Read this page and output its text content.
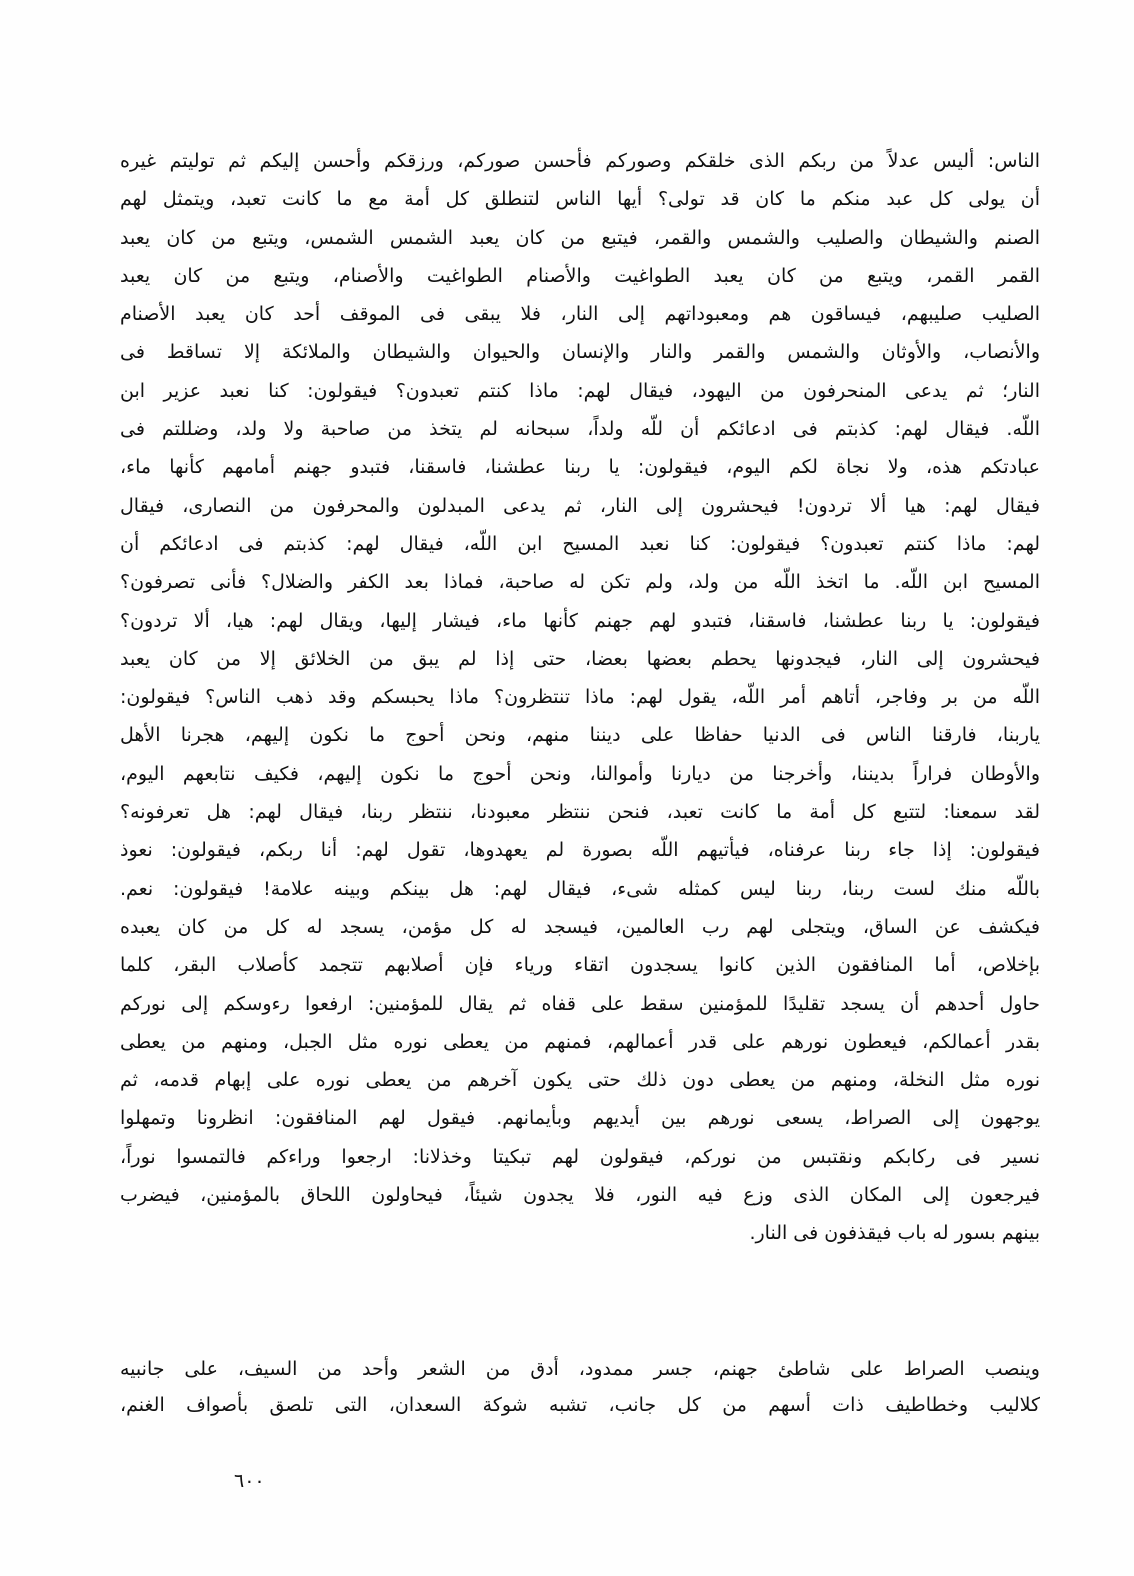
الناس: أليس عدلاً من ربكم الذى خلقكم وصوركم فأحسن صوركم، ورزقكم وأحسن إليكم ثم توليتم غيره
أن يولى كل عبد منكم ما كان قد تولى؟ أيها الناس لتنطلق كل أمة مع ما كانت تعبد، ويتمثل لهم
الصنم والشيطان والصليب والشمس والقمر، فيتبع من كان يعبد الشمس الشمس، ويتبع من كان يعبد
القمر القمر، ويتبع من كان يعبد الطواغيت والأصنام الطواغيت والأصنام، ويتبع من كان يعبد
الصليب صليبهم، فيساقون هم ومعبوداتهم إلى النار، فلا يبقى فى الموقف أحد كان يعبد الأصنام
والأنصاب، والأوثان والشمس والقمر والنار والإنسان والحيوان والشيطان والملائكة إلا تساقط فى
النار؛ ثم يدعى المنحرفون من اليهود، فيقال لهم: ماذا كنتم تعبدون؟ فيقولون: كنا نعبد عزير ابن
اللّه. فيقال لهم: كذبتم فى ادعائكم أن للّه ولداً، سبحانه لم يتخذ من صاحبة ولا ولد، وضللتم فى
عبادتكم هذه، ولا نجاة لكم اليوم، فيقولون: يا ربنا عطشنا، فاسقنا، فتبدو جهنم أمامهم كأنها ماء،
فيقال لهم: هيا ألا تردون! فيحشرون إلى النار، ثم يدعى المبدلون والمحرفون من النصارى، فيقال
لهم: ماذا كنتم تعبدون؟ فيقولون: كنا نعبد المسيح ابن اللّه، فيقال لهم: كذبتم فى ادعائكم أن
المسيح ابن اللّه. ما اتخذ اللّه من ولد، ولم تكن له صاحبة، فماذا بعد الكفر والضلال؟ فأنى تصرفون؟
فيقولون: يا ربنا عطشنا، فاسقنا، فتبدو لهم جهنم كأنها ماء، فيشار إليها، ويقال لهم: هيا، ألا تردون؟
فيحشرون إلى النار، فيجدونها يحطم بعضها بعضا، حتى إذا لم يبق من الخلائق إلا من كان يعبد
اللّه من بر وفاجر، أتاهم أمر اللّه، يقول لهم: ماذا تنتظرون؟ ماذا يحبسكم وقد ذهب الناس؟ فيقولون:
ياربنا، فارقنا الناس فى الدنيا حفاظا على ديننا منهم، ونحن أحوج ما نكون إليهم، هجرنا الأهل
والأوطان فراراً بديننا، وأخرجنا من ديارنا وأموالنا، ونحن أحوج ما نكون إليهم، فكيف نتابعهم اليوم،
لقد سمعنا: لتتبع كل أمة ما كانت تعبد، فنحن ننتظر معبودنا، ننتظر ربنا، فيقال لهم: هل تعرفونه؟
فيقولون: إذا جاء ربنا عرفناه، فيأتيهم اللّه بصورة لم يعهدوها، تقول لهم: أنا ربكم، فيقولون: نعوذ
باللّه منك لست ربنا، ربنا ليس كمثله شىء، فيقال لهم: هل بينكم وبينه علامة! فيقولون: نعم.
فيكشف عن الساق، ويتجلى لهم رب العالمين، فيسجد له كل مؤمن، يسجد له كل من كان يعبده
بإخلاص، أما المنافقون الذين كانوا يسجدون اتقاء ورياء فإن أصلابهم تتجمد كأصلاب البقر، كلما
حاول أحدهم أن يسجد تقليدًا للمؤمنين سقط على قفاه ثم يقال للمؤمنين: ارفعوا رءوسكم إلى نوركم
بقدر أعمالكم، فيعطون نورهم على قدر أعمالهم، فمنهم من يعطى نوره مثل الجبل، ومنهم من يعطى
نوره مثل النخلة، ومنهم من يعطى دون ذلك حتى يكون آخرهم من يعطى نوره على إبهام قدمه، ثم
يوجهون إلى الصراط، يسعى نورهم بين أيديهم وبأيمانهم. فيقول لهم المنافقون: انظرونا وتمهلوا
نسير فى ركابكم ونقتبس من نوركم، فيقولون لهم تبكيتا وخذلانا: ارجعوا وراءكم فالتمسوا نوراً،
فيرجعون إلى المكان الذى وزع فيه النور، فلا يجدون شيئاً، فيحاولون اللحاق بالمؤمنين، فيضرب
بينهم بسور له باب فيقذفون فى النار.
وينصب الصراط على شاطئ جهنم، جسر ممدود، أدق من الشعر وأحد من السيف، على جانبيه
كلاليب وخطاطيف ذات أسهم من كل جانب، تشبه شوكة السعدان، التى تلصق بأصواف الغنم،
٦٠٠
